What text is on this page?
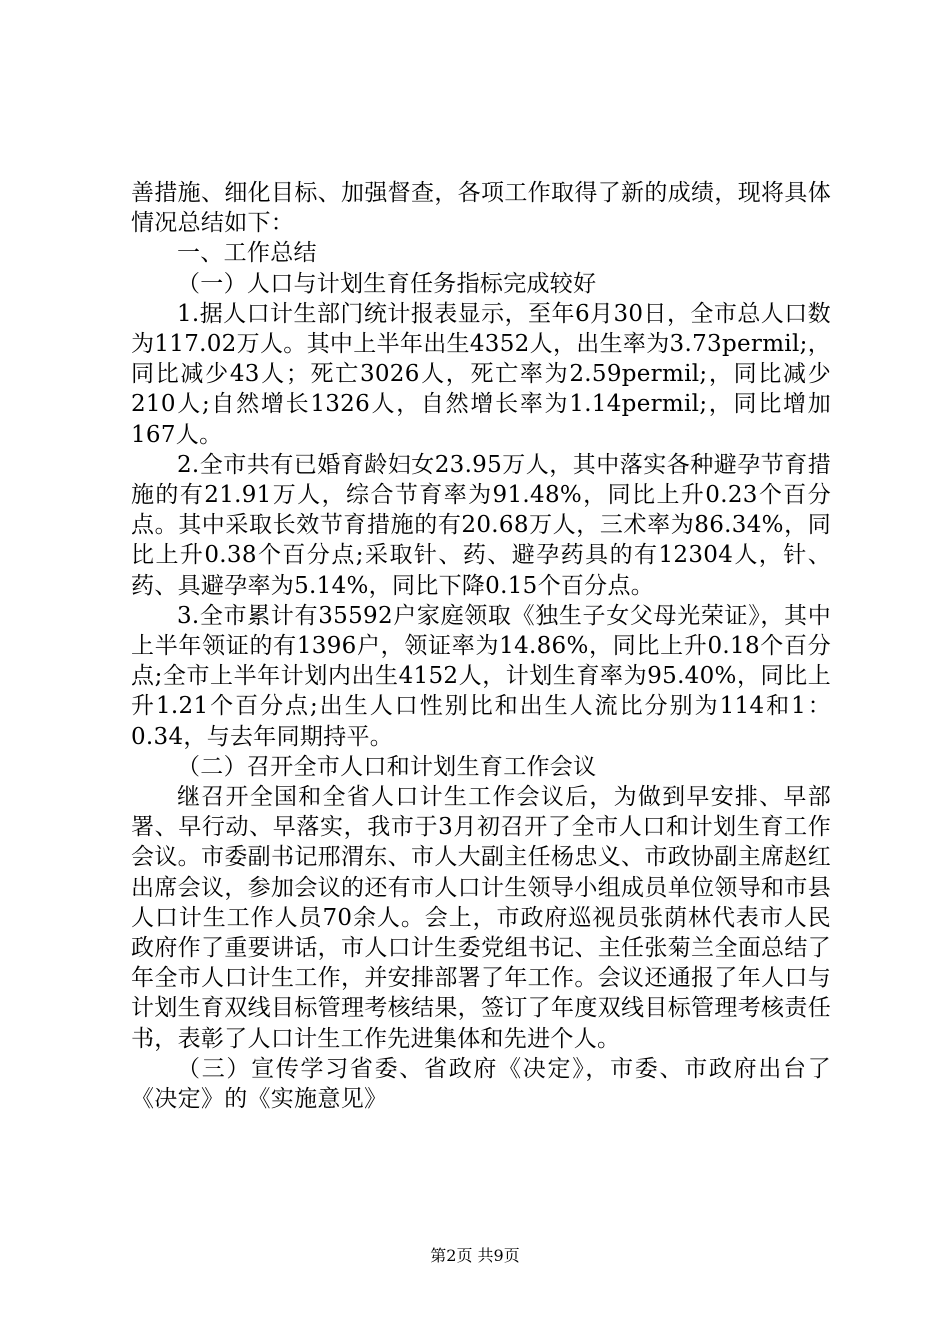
善措施、细化目标、加强督查，各项工作取得了新的成绩，现将具体情况总结如下：

一、工作总结

（一）人口与计划生育任务指标完成较好

1.据人口计生部门统计报表显示，至年6月30日，全市总人口数为117.02万人。其中上半年出生4352人，出生率为3.73permil;，同比减少43人；死亡3026人，死亡率为2.59permil;，同比减少210人;自然增长1326人，自然增长率为1.14permil;，同比增加167人。

2.全市共有已婚育龄妇女23.95万人，其中落实各种避孕节育措施的有21.91万人，综合节育率为91.48%，同比上升0.23个百分点。其中采取长效节育措施的有20.68万人，三术率为86.34%，同比上升0.38个百分点;采取针、药、避孕药具的有12304人，针、药、具避孕率为5.14%，同比下降0.15个百分点。

3.全市累计有35592户家庭领取《独生子女父母光荣证》，其中上半年领证的有1396户，领证率为14.86%，同比上升0.18个百分点;全市上半年计划内出生4152人，计划生育率为95.40%，同比上升1.21个百分点;出生人口性别比和出生人流比分别为114和1：0.34，与去年同期持平。

（二）召开全市人口和计划生育工作会议

继召开全国和全省人口计生工作会议后，为做到早安排、早部署、早行动、早落实，我市于3月初召开了全市人口和计划生育工作会议。市委副书记邢渭东、市人大副主任杨忠义、市政协副主席赵红出席会议，参加会议的还有市人口计生领导小组成员单位领导和市县人口计生工作人员70余人。会上，市政府巡视员张荫林代表市人民政府作了重要讲话，市人口计生委党组书记、主任张菊兰全面总结了年全市人口计生工作，并安排部署了年工作。会议还通报了年人口与计划生育双线目标管理考核结果，签订了年度双线目标管理考核责任书，表彰了人口计生工作先进集体和先进个人。

（三）宣传学习省委、省政府《决定》，市委、市政府出台了《决定》的《实施意见》

第2页 共9页
